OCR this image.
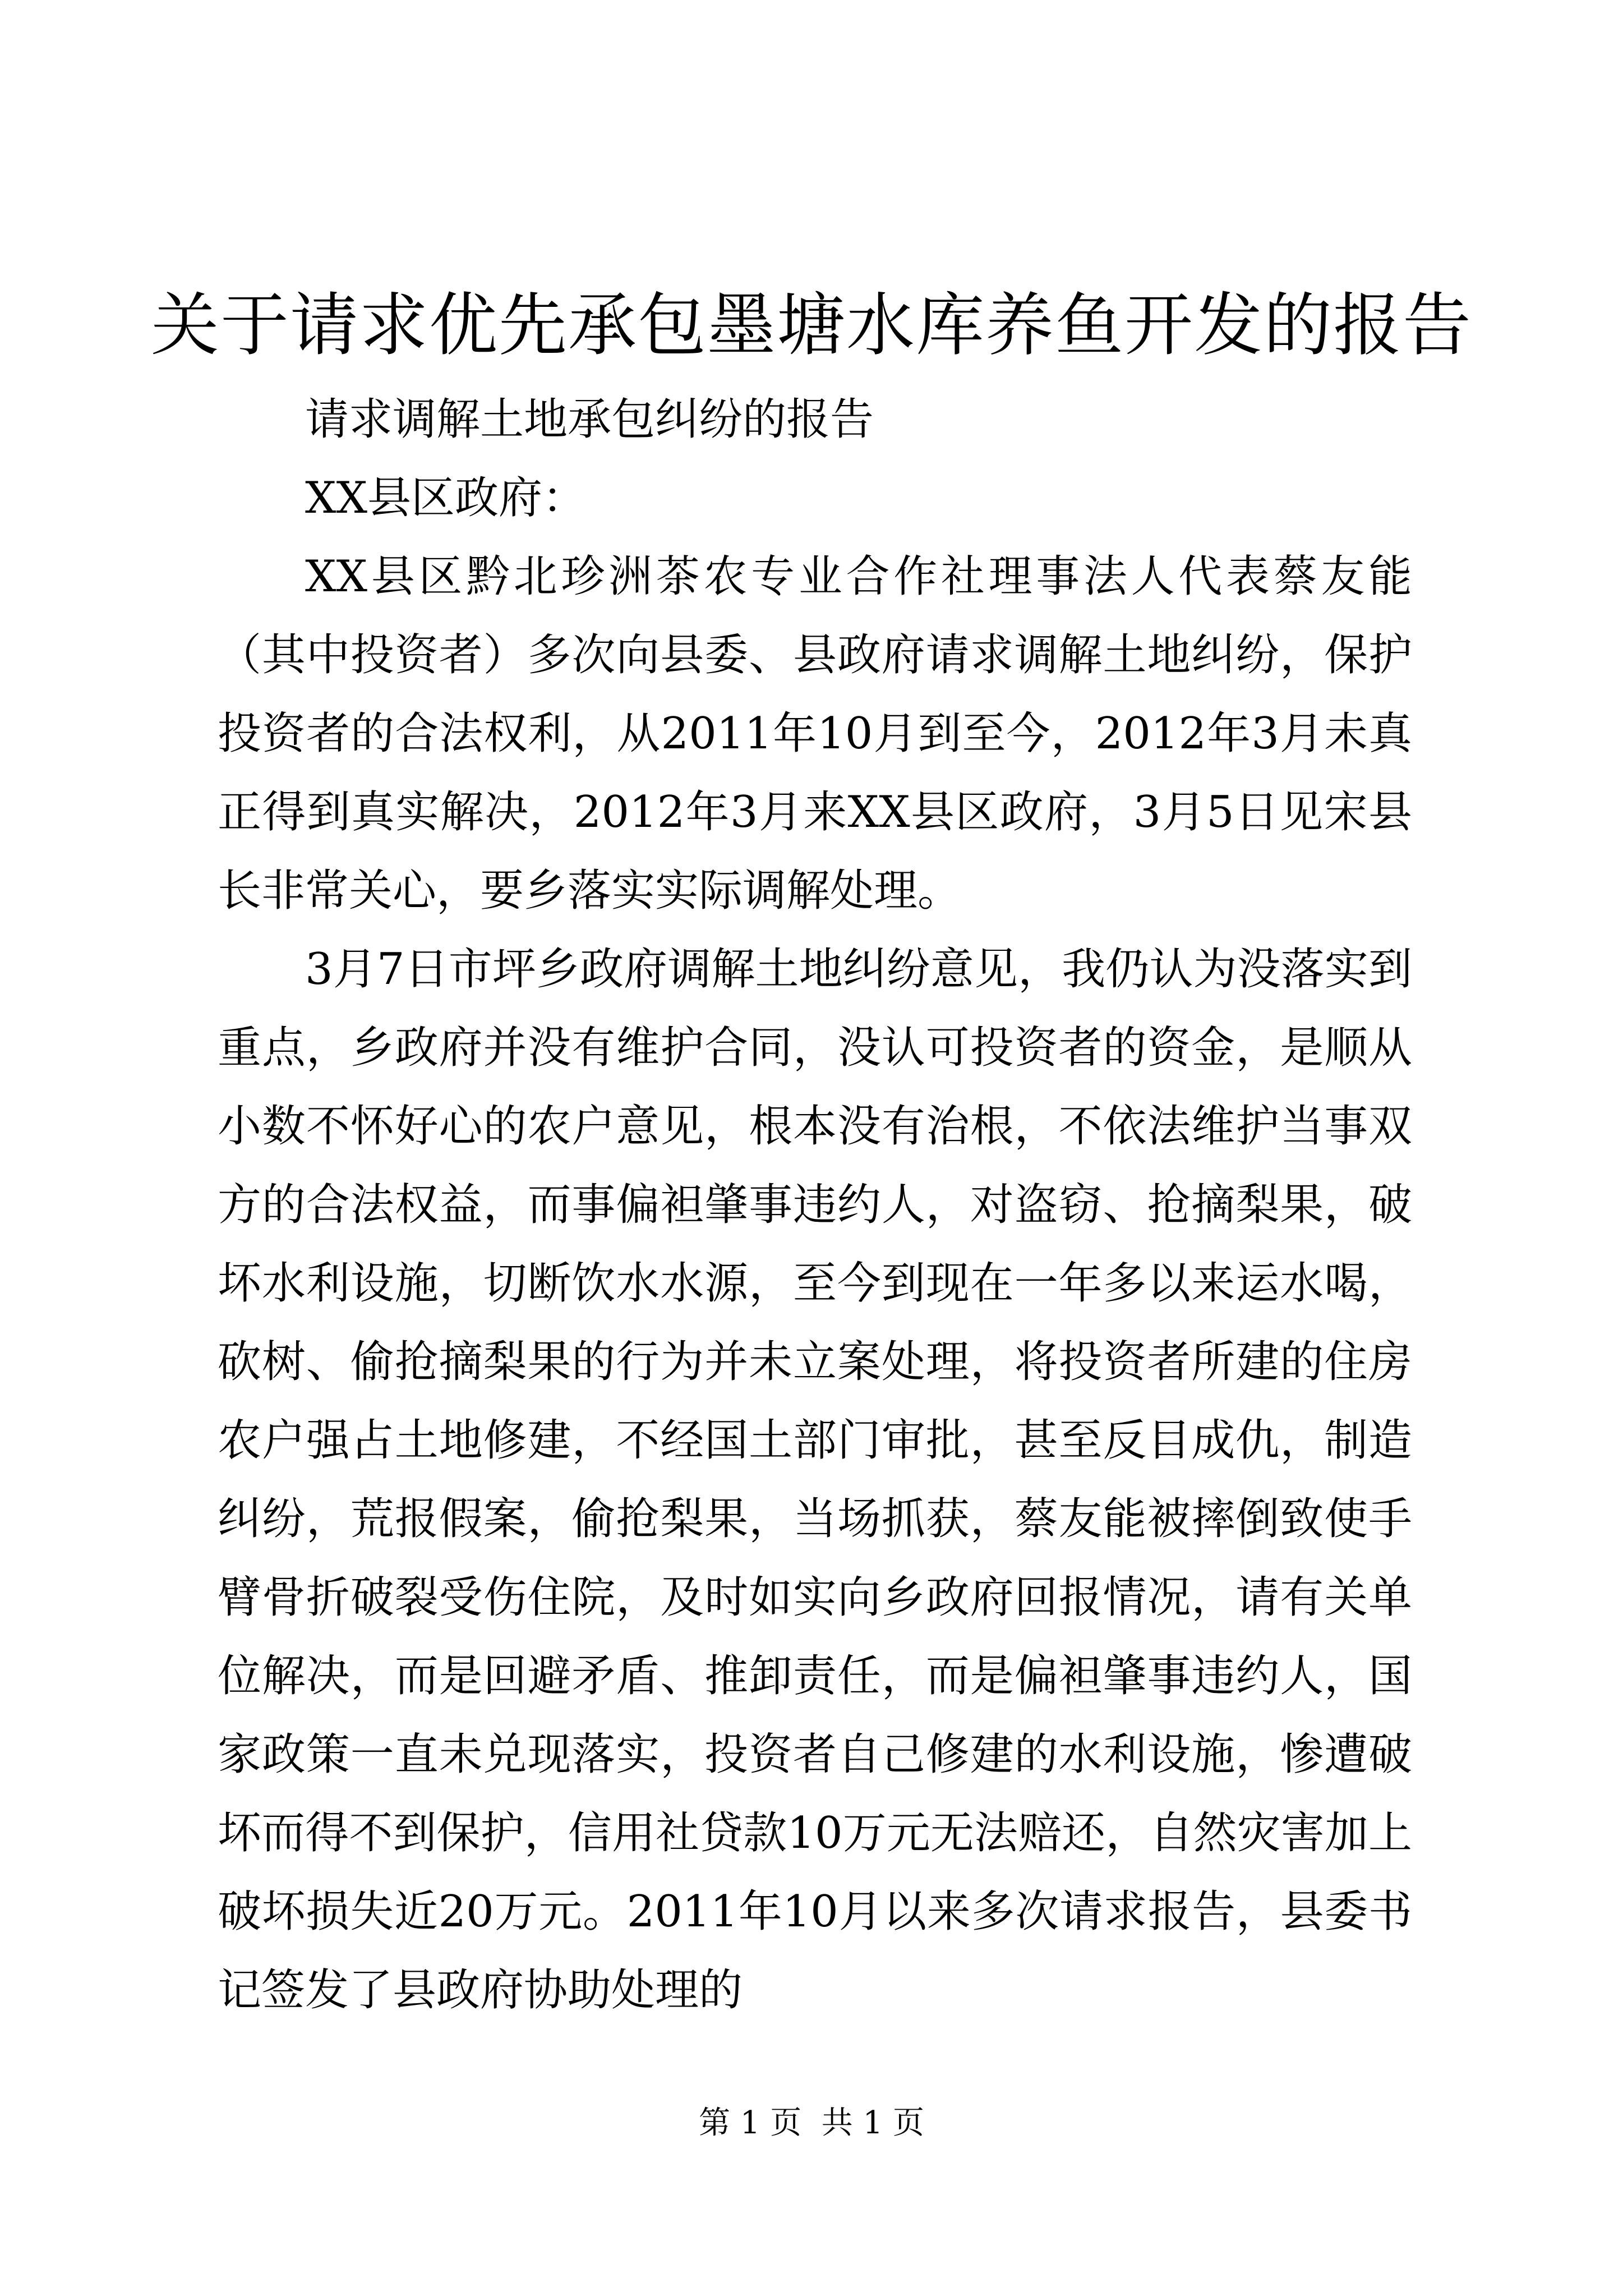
关于请求优先承包墨塘水库养鱼开发的报告

请求调解土地承包纠纷的报告

XX县区政府：

XX县区黔北珍洲茶农专业合作社理事法人代表蔡友能（其中投资者）多次向县委、县政府请求调解土地纠纷，保护投资者的合法权利，从2011年10月到至今，2012年3月未真正得到真实解决，2012年3月来XX县区政府，3月5日见宋县长非常关心，要乡落实实际调解处理。

3月7日市坪乡政府调解土地纠纷意见，我仍认为没落实到重点，乡政府并没有维护合同，没认可投资者的资金，是顺从小数不怀好心的农户意见，根本没有治根，不依法维护当事双方的合法权益，而事偏袒肇事违约人，对盗窃、抢摘梨果，破坏水利设施，切断饮水水源，至今到现在一年多以来运水喝，砍树、偷抢摘梨果的行为并未立案处理，将投资者所建的住房农户强占土地修建，不经国土部门审批，甚至反目成仇，制造纠纷，荒报假案，偷抢梨果，当场抓获，蔡友能被摔倒致使手臂骨折破裂受伤住院，及时如实向乡政府回报情况，请有关单位解决，而是回避矛盾、推卸责任，而是偏袒肇事违约人，国家政策一直未兑现落实，投资者自己修建的水利设施，惨遭破坏而得不到保护，信用社贷款10万元无法赔还，自然灾害加上破坏损失近20万元。2011年10月以来多次请求报告，县委书记签发了县政府协助处理的

第 1 页  共 1 页
